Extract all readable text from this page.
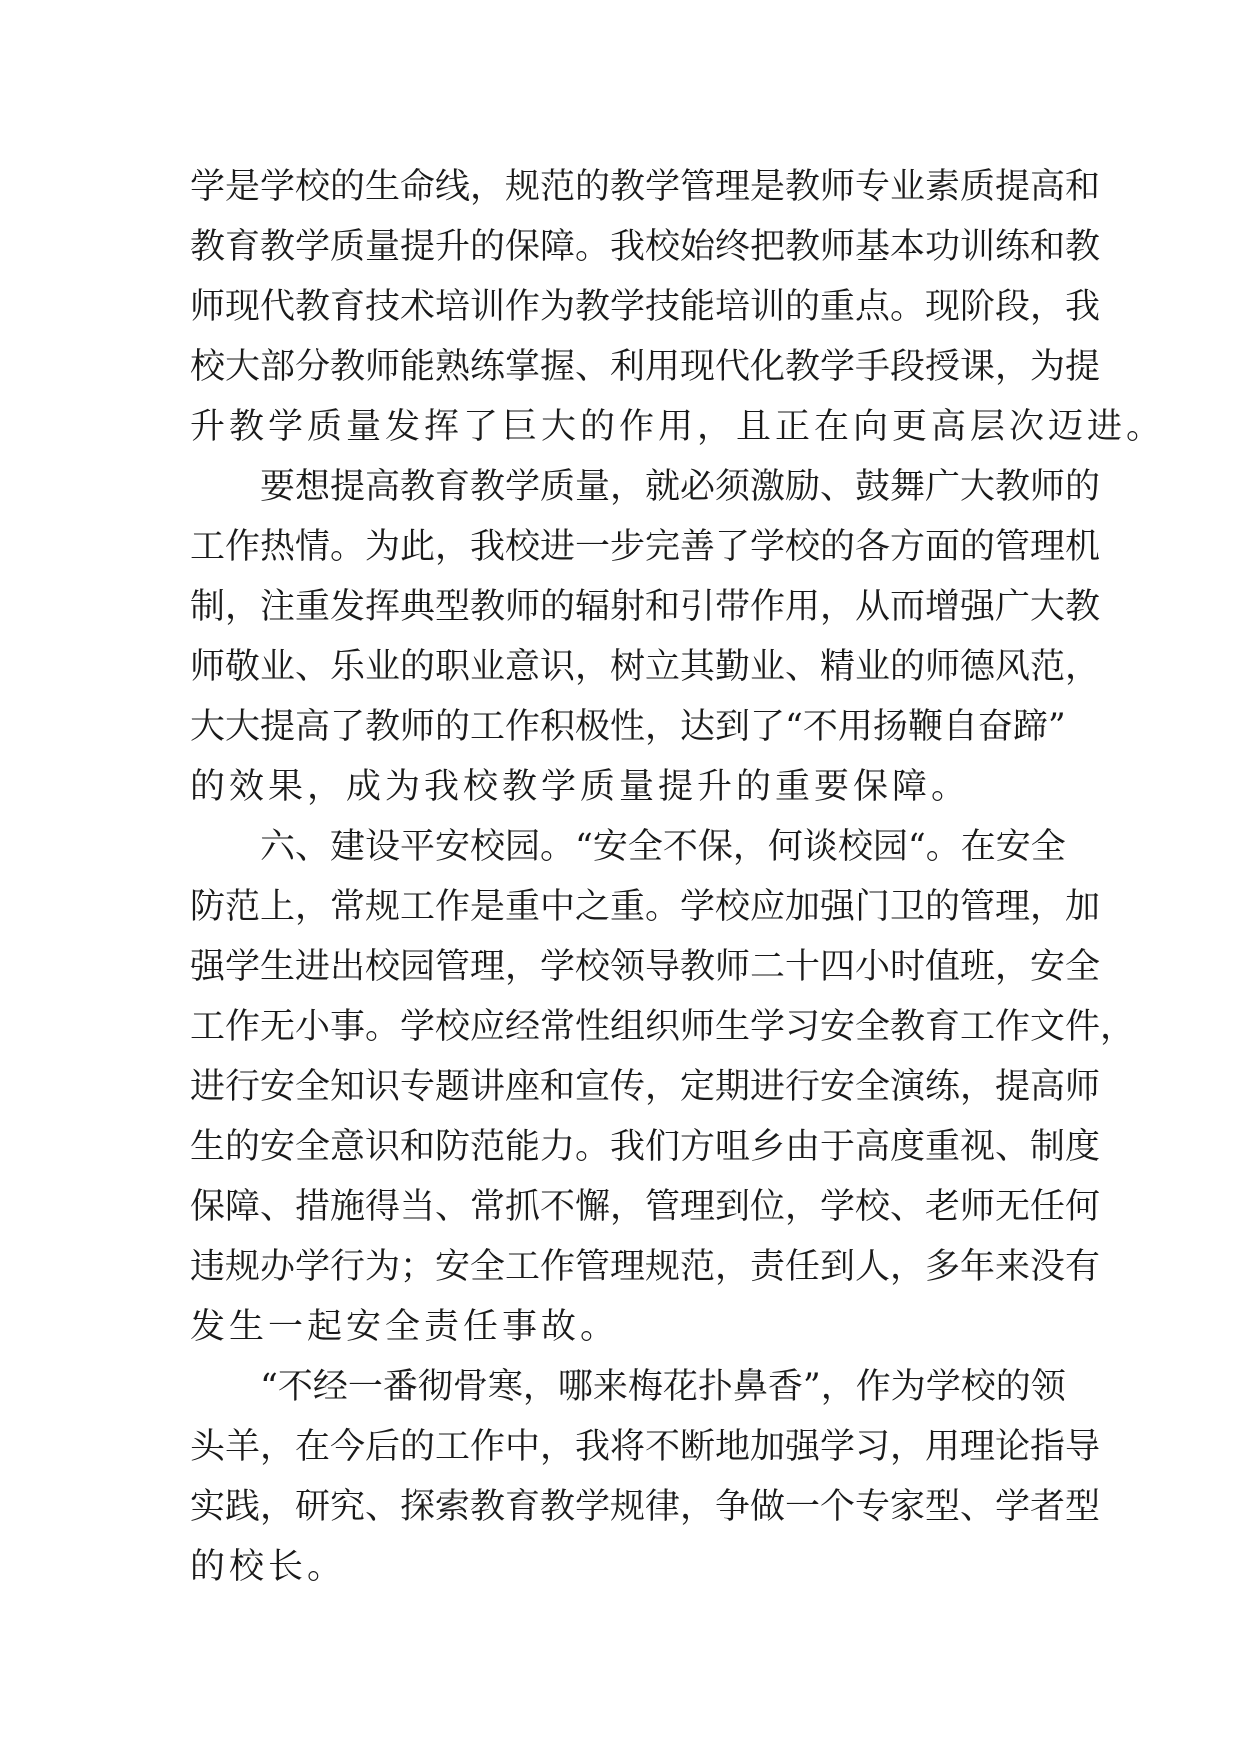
学是学校的生命线，规范的教学管理是教师专业素质提高和
教育教学质量提升的保障。我校始终把教师基本功训练和教
师现代教育技术培训作为教学技能培训的重点。现阶段，我
校大部分教师能熟练掌握、利用现代化教学手段授课，为提
升教学质量发挥了巨大的作用，且正在向更高层次迈进。
要想提高教育教学质量，就必须激励、鼓舞广大教师的
工作热情。为此，我校进一步完善了学校的各方面的管理机
制，注重发挥典型教师的辐射和引带作用，从而增强广大教
师敬业、乐业的职业意识，树立其勤业、精业的师德风范，
大大提高了教师的工作积极性，达到了“不用扬鞭自奋蹄”
的效果，成为我校教学质量提升的重要保障。
六、建设平安校园。“安全不保，何谈校园“。在安全
防范上，常规工作是重中之重。学校应加强门卫的管理，加
强学生进出校园管理，学校领导教师二十四小时值班，安全
工作无小事。学校应经常性组织师生学习安全教育工作文件，
进行安全知识专题讲座和宣传，定期进行安全演练，提高师
生的安全意识和防范能力。我们方咀乡由于高度重视、制度
保障、措施得当、常抓不懈，管理到位，学校、老师无任何
违规办学行为；安全工作管理规范，责任到人，多年来没有
发生一起安全责任事故。
“不经一番彻骨寒，哪来梅花扑鼻香”，作为学校的领
头羊，在今后的工作中，我将不断地加强学习，用理论指导
实践，研究、探索教育教学规律，争做一个专家型、学者型
的校长。
